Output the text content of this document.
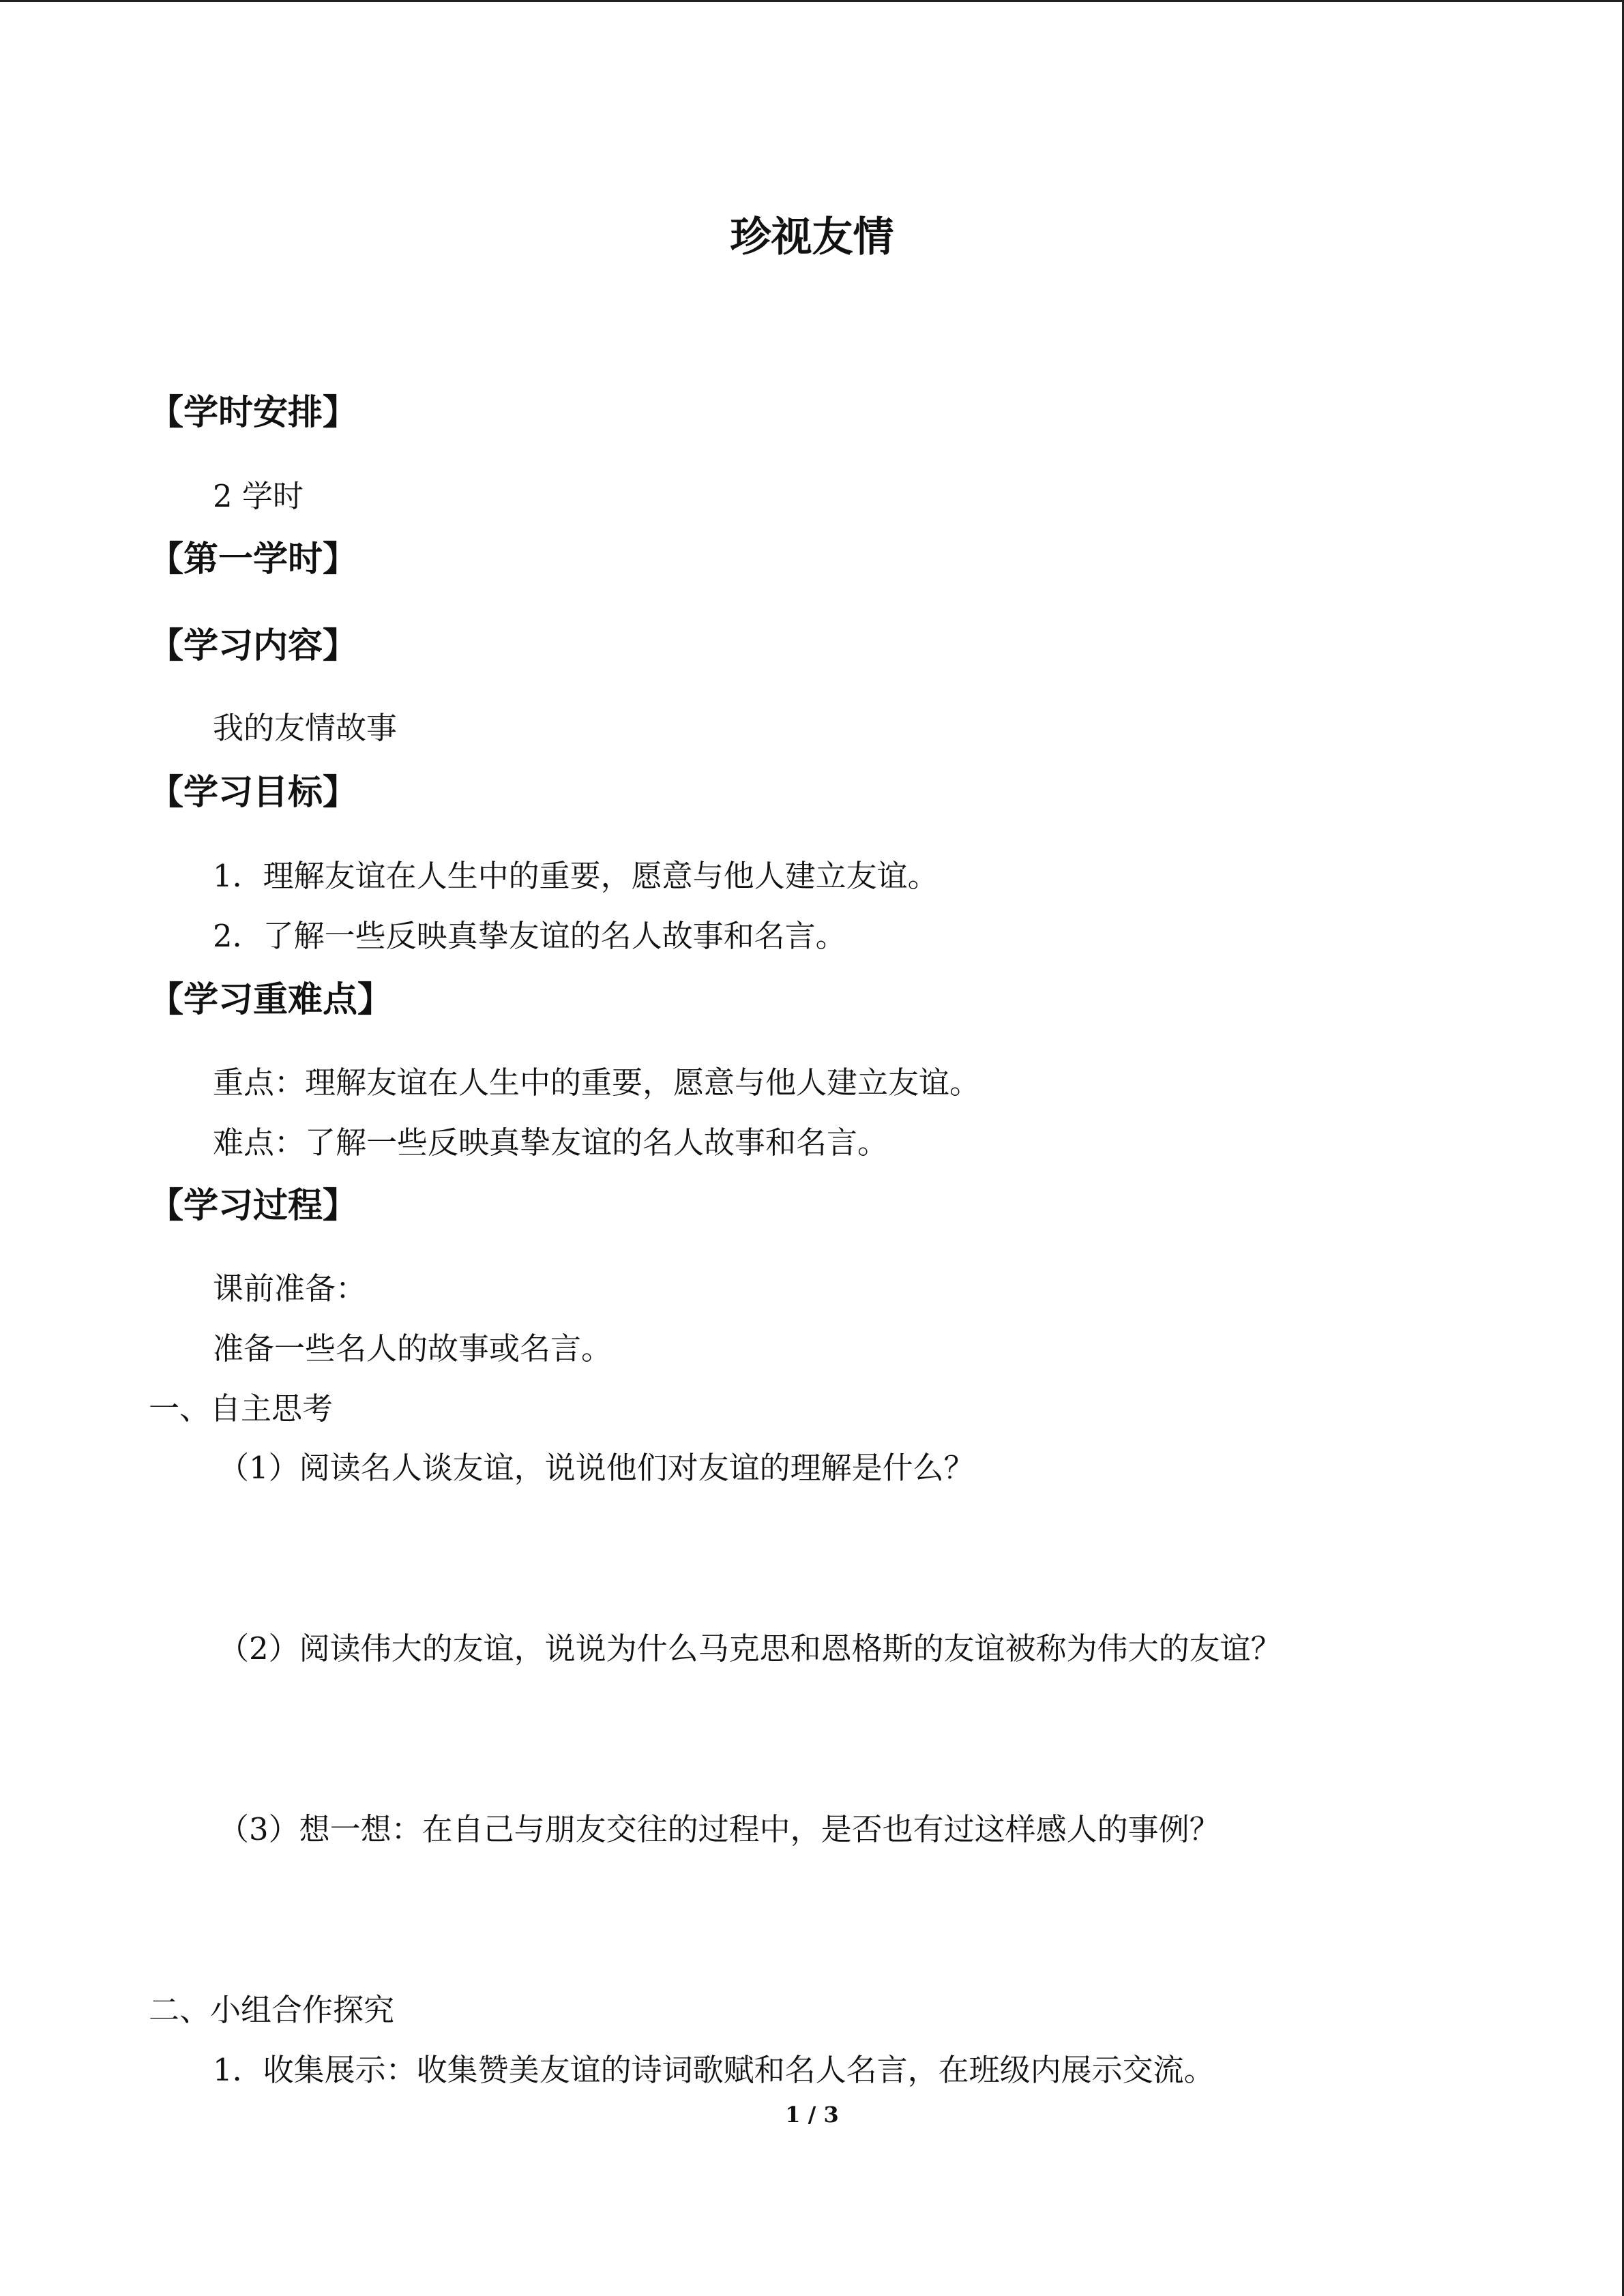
珍视友情
【学时安排】
2 学时
【第一学时】
【学习内容】
我的友情故事
【学习目标】
1．理解友谊在人生中的重要，愿意与他人建立友谊。
2．了解一些反映真挚友谊的名人故事和名言。
【学习重难点】
重点：理解友谊在人生中的重要，愿意与他人建立友谊。
难点：了解一些反映真挚友谊的名人故事和名言。
【学习过程】
课前准备：
准备一些名人的故事或名言。
一、自主思考
（1）阅读名人谈友谊，说说他们对友谊的理解是什么？
（2）阅读伟大的友谊，说说为什么马克思和恩格斯的友谊被称为伟大的友谊？
（3）想一想：在自己与朋友交往的过程中，是否也有过这样感人的事例？
二、小组合作探究
1．收集展示：收集赞美友谊的诗词歌赋和名人名言，在班级内展示交流。
1 / 3
